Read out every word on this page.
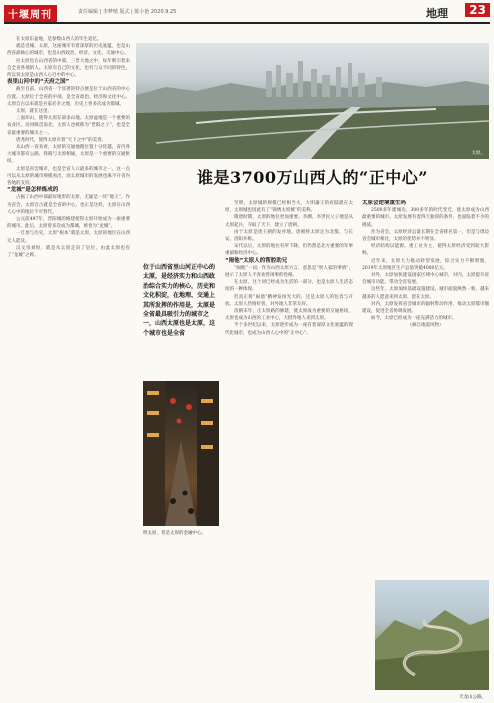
十堰周刊	责任编辑 | 李梦晴 版式 | 陈小艳 2020.9.25	地理	23

在太原东盆地，是参数山西人的毕生追忆。

就是近城，太原，这座城市有着深厚的历史底蕴，也是山西省最核心的城市，也是山西政治、经济、文化、交通中心。

拉太原也在山西省的中部，三晋大地之中，每年吸引着来自全省各地的人。太原有自己的文化，也有与众不同的特色，所以说太原是山西人心目中的中心。

表里山河中的“天府之国”

截至目前，山西省一个显著的特点便是位于山西省的中心位置。太原位于全省的中部，是全省政治、经济和文化中心。太原自古以来就是兵家必争之地，历史上曾多次成为都城。

太原，就在这里。

三面环山，使得太原东部多山地。太原盆地是一个重要的农业区。汾河纵贯南北，太原人也被称为“晋阳之子”，也是全省最重要的城市之一。

唐尧时代，使得太原有着“天下之中”的美誉。

从山西一省来看，太原的交通地理位置十分优越，省内各大城市都有公路、铁路与太原相通，太原是一个重要的交通枢纽。

太原是省会城市，也是全省人口最多的城市之一，这一点可以从太原的城市规模看出，而太原城市的发展也离不开省内各地的支持。

“龙城”是怎样炼成的

占据了山西中部最好地形的太原，无疑是一块“地王”。作为省会，太原自古就是全省的中心。也正是这样，太原在山西人心中的地位不可替代。

公元前497年，晋阳城的修建使得太原开始成为一座重要的城市。此后，太原曾多次成为都城，被誉为“龙城”。

一旦参与历史，太原“根本”就是太原，太原的地位在山西无人能及。

汉文帝刘恒，就是从太原走向了皇位，由此太原也有了“龙城”之称。

太原。
谁是3700万山西人的“正中心”
位于山西省里山河正中心的太原，是经济实力和山西政治综合实力的核心，历史和文化积淀，在地理、交通上其所发挥的作用是，太原是全省最具吸引力的城市之一，山西太原也是太原，这个城市也是全省
明太原，普是太原的金融中心。

至明，太原城的规模已经相当大，大明藩王的府邸就在太原，太原城也因此有了“锦绣太原城”的美称。

隋唐时期，太原的地位更加重要。李渊、李世民父子便是从太原起兵，夺取了天下，建立了唐朝。

由于太原是唐王朝的发祥地，唐朝将太原定为北都，与长安、洛阳并称。

宋代以后，太原的地位有所下降，但仍然是北方重要的军事重镇和经济中心。

“闹他”太原人的帮腔助兄

“闹他”一词，作为山西太原方言，意思是“别人家的事情”，展示了太原人不喜欢管闲事的性格。

在太原，这个词已经成为生活的一部分，也是太原人生活态度的一种体现。

但真正将“闹他”精神发扬光大的，还是太原人的包容与开放。太原人热情好客，对外地人非常友好。

清朝末年，正太铁路的修建，使太原成为重要的交通枢纽，太原也成为山西的工业中心，大批外地人来到太原。

半个多世纪以来，太原逐步成为一座有着深厚文化底蕴的现代化城市，也成为山西人心中的“正中心”。

太原会逆境重生吗

2500多年建城史、300多年的时代变迁，使太原成为山西最重要的城市。太原发展有着得天独厚的条件，也面临着不少的挑战。

作为省会，太原经济总量长期在全省排名第一，但是与周边省会城市相比，太原的优势并不明显。

经济结构以能源、重工业为主，使得太原经济受到较大影响。

近年来，太原大力推动转型发展，综合实力不断增强，2019年太原地区生产总值突破4000亿元。

对外，太原加快建设国家区域中心城市，对内，太原提升省会城市功能，带动全省发展。

这些年，太原加快基础设施建设，城市面貌焕然一新，越来越多的人愿意来到太原、留在太原。

对内，太原发挥省会城市的辐射带动作用，推动太原都市圈建设，促进全省协调发展。

如今，太原已经成为一座充满活力的城市。

（摘自地道风物）

天龙山公路。
